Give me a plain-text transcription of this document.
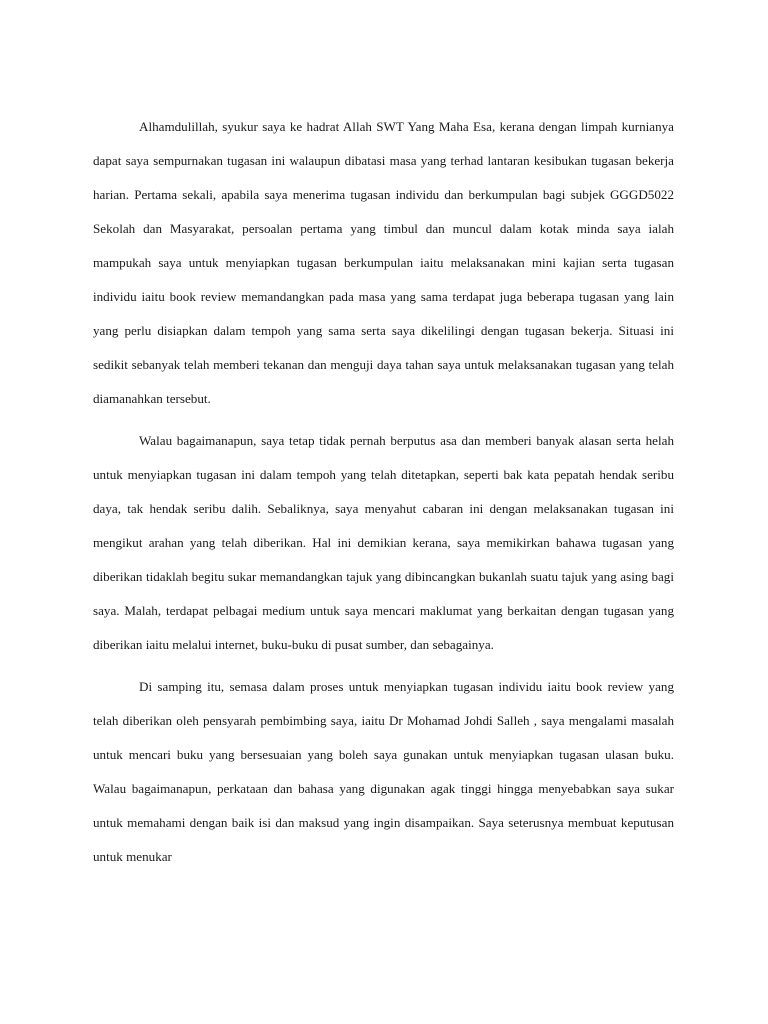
Alhamdulillah, syukur saya ke hadrat Allah SWT Yang Maha Esa, kerana dengan limpah kurnianya dapat saya sempurnakan tugasan ini walaupun dibatasi masa yang terhad lantaran kesibukan tugasan bekerja harian. Pertama sekali, apabila saya menerima tugasan individu dan berkumpulan bagi subjek GGGD5022 Sekolah dan Masyarakat, persoalan pertama yang timbul dan muncul dalam kotak minda saya ialah mampukah saya untuk menyiapkan tugasan berkumpulan iaitu melaksanakan mini kajian serta tugasan individu iaitu book review memandangkan pada masa yang sama terdapat juga beberapa tugasan yang lain yang perlu disiapkan dalam tempoh yang sama serta saya dikelilingi dengan tugasan bekerja. Situasi ini sedikit sebanyak telah memberi tekanan dan menguji daya tahan saya untuk melaksanakan tugasan yang telah diamanahkan tersebut.

Walau bagaimanapun, saya tetap tidak pernah berputus asa dan memberi banyak alasan serta helah untuk menyiapkan tugasan ini dalam tempoh yang telah ditetapkan, seperti bak kata pepatah hendak seribu daya, tak hendak seribu dalih. Sebaliknya, saya menyahut cabaran ini dengan melaksanakan tugasan ini mengikut arahan yang telah diberikan. Hal ini demikian kerana, saya memikirkan bahawa tugasan yang diberikan tidaklah begitu sukar memandangkan tajuk yang dibincangkan bukanlah suatu tajuk yang asing bagi saya. Malah, terdapat pelbagai medium untuk saya mencari maklumat yang berkaitan dengan tugasan yang diberikan iaitu melalui internet, buku-buku di pusat sumber, dan sebagainya.

Di samping itu, semasa dalam proses untuk menyiapkan tugasan individu iaitu book review yang telah diberikan oleh pensyarah pembimbing saya, iaitu Dr Mohamad Johdi Salleh , saya mengalami masalah untuk mencari buku yang bersesuaian yang boleh saya gunakan untuk menyiapkan tugasan ulasan buku. Walau bagaimanapun, perkataan dan bahasa yang digunakan agak tinggi hingga menyebabkan saya sukar untuk memahami dengan baik isi dan maksud yang ingin disampaikan. Saya seterusnya membuat keputusan untuk menukar
